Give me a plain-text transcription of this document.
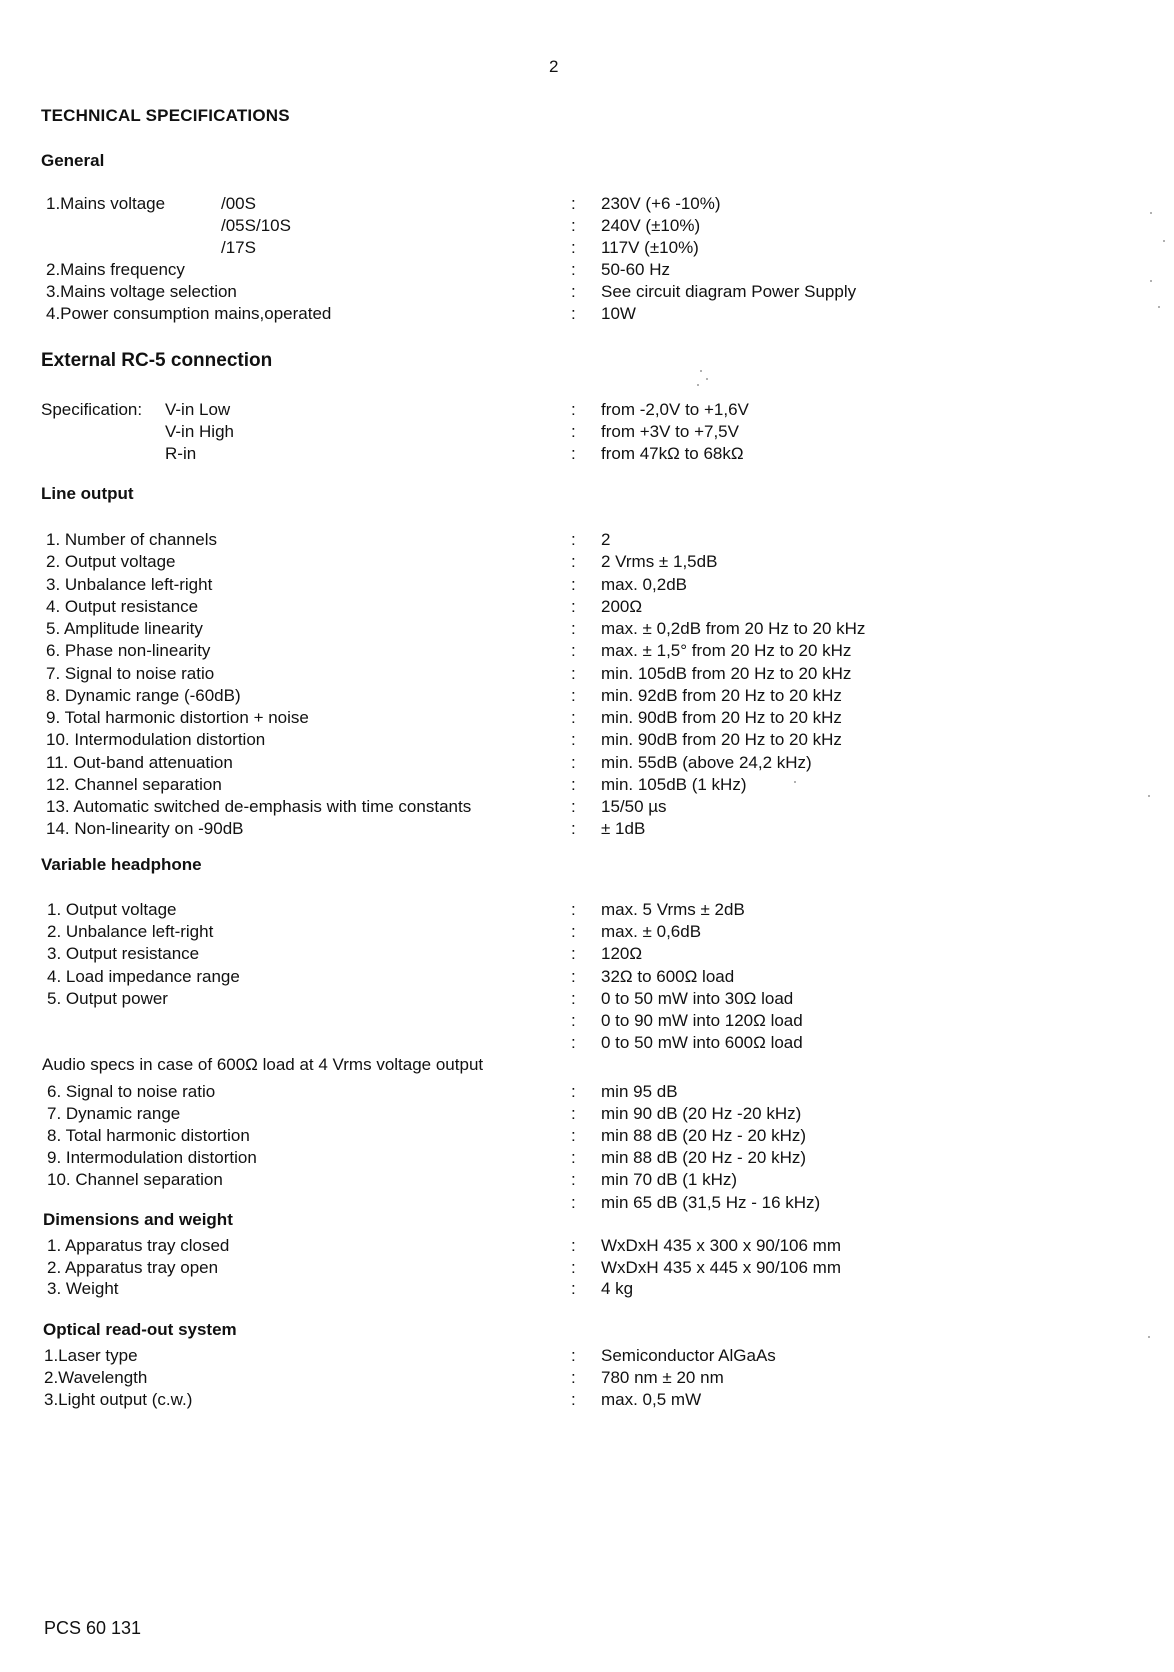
2
TECHNICAL SPECIFICATIONS
General
1.Mains voltage	/00S	: 230V (+6 -10%)
/05S/10S	: 240V (±10%)
/17S	: 117V (±10%)
2.Mains frequency	: 50-60 Hz
3.Mains voltage selection	: See circuit diagram Power Supply
4.Power consumption mains,operated	: 10W
External RC-5 connection
Specification: V-in Low	: from -2,0V to +1,6V
V-in High	: from +3V to +7,5V
R-in	: from 47kΩ to 68kΩ
Line output
1. Number of channels	: 2
2. Output voltage	: 2 Vrms ± 1,5dB
3. Unbalance left-right	: max. 0,2dB
4. Output resistance	: 200Ω
5. Amplitude linearity	: max. ± 0,2dB from 20 Hz to 20 kHz
6. Phase non-linearity	: max. ± 1,5° from 20 Hz to 20 kHz
7. Signal to noise ratio	: min. 105dB from 20 Hz to 20 kHz
8. Dynamic range (-60dB)	: min. 92dB from 20 Hz to 20 kHz
9. Total harmonic distortion + noise	: min. 90dB from 20 Hz to 20 kHz
10. Intermodulation distortion	: min. 90dB from 20 Hz to 20 kHz
11. Out-band attenuation	: min. 55dB (above 24,2 kHz)
12. Channel separation	: min. 105dB (1 kHz)
13. Automatic switched de-emphasis with time constants	: 15/50 µs
14. Non-linearity on -90dB	: ± 1dB
Variable headphone
1. Output voltage	: max. 5 Vrms ± 2dB
2. Unbalance left-right	: max. ± 0,6dB
3. Output resistance	: 120Ω
4. Load impedance range	: 32Ω to 600Ω load
5. Output power	: 0 to 50 mW into 30Ω load
: 0 to 90 mW into 120Ω load
: 0 to 50 mW into 600Ω load
Audio specs in case of 600Ω load at 4 Vrms voltage output
6. Signal to noise ratio	: min 95 dB
7. Dynamic range	: min 90 dB (20 Hz -20 kHz)
8. Total harmonic distortion	: min 88 dB (20 Hz - 20 kHz)
9. Intermodulation distortion	: min 88 dB (20 Hz - 20 kHz)
10. Channel separation	: min 70 dB (1 kHz)
: min 65 dB (31,5 Hz - 16 kHz)
Dimensions and weight
1. Apparatus tray closed	: WxDxH 435 x 300 x 90/106 mm
2. Apparatus tray open	: WxDxH 435 x 445 x 90/106 mm
3. Weight	: 4 kg
Optical read-out system
1.Laser type	: Semiconductor AlGaAs
2.Wavelength	: 780 nm ± 20 nm
3.Light output (c.w.)	: max. 0,5 mW
PCS 60 131
